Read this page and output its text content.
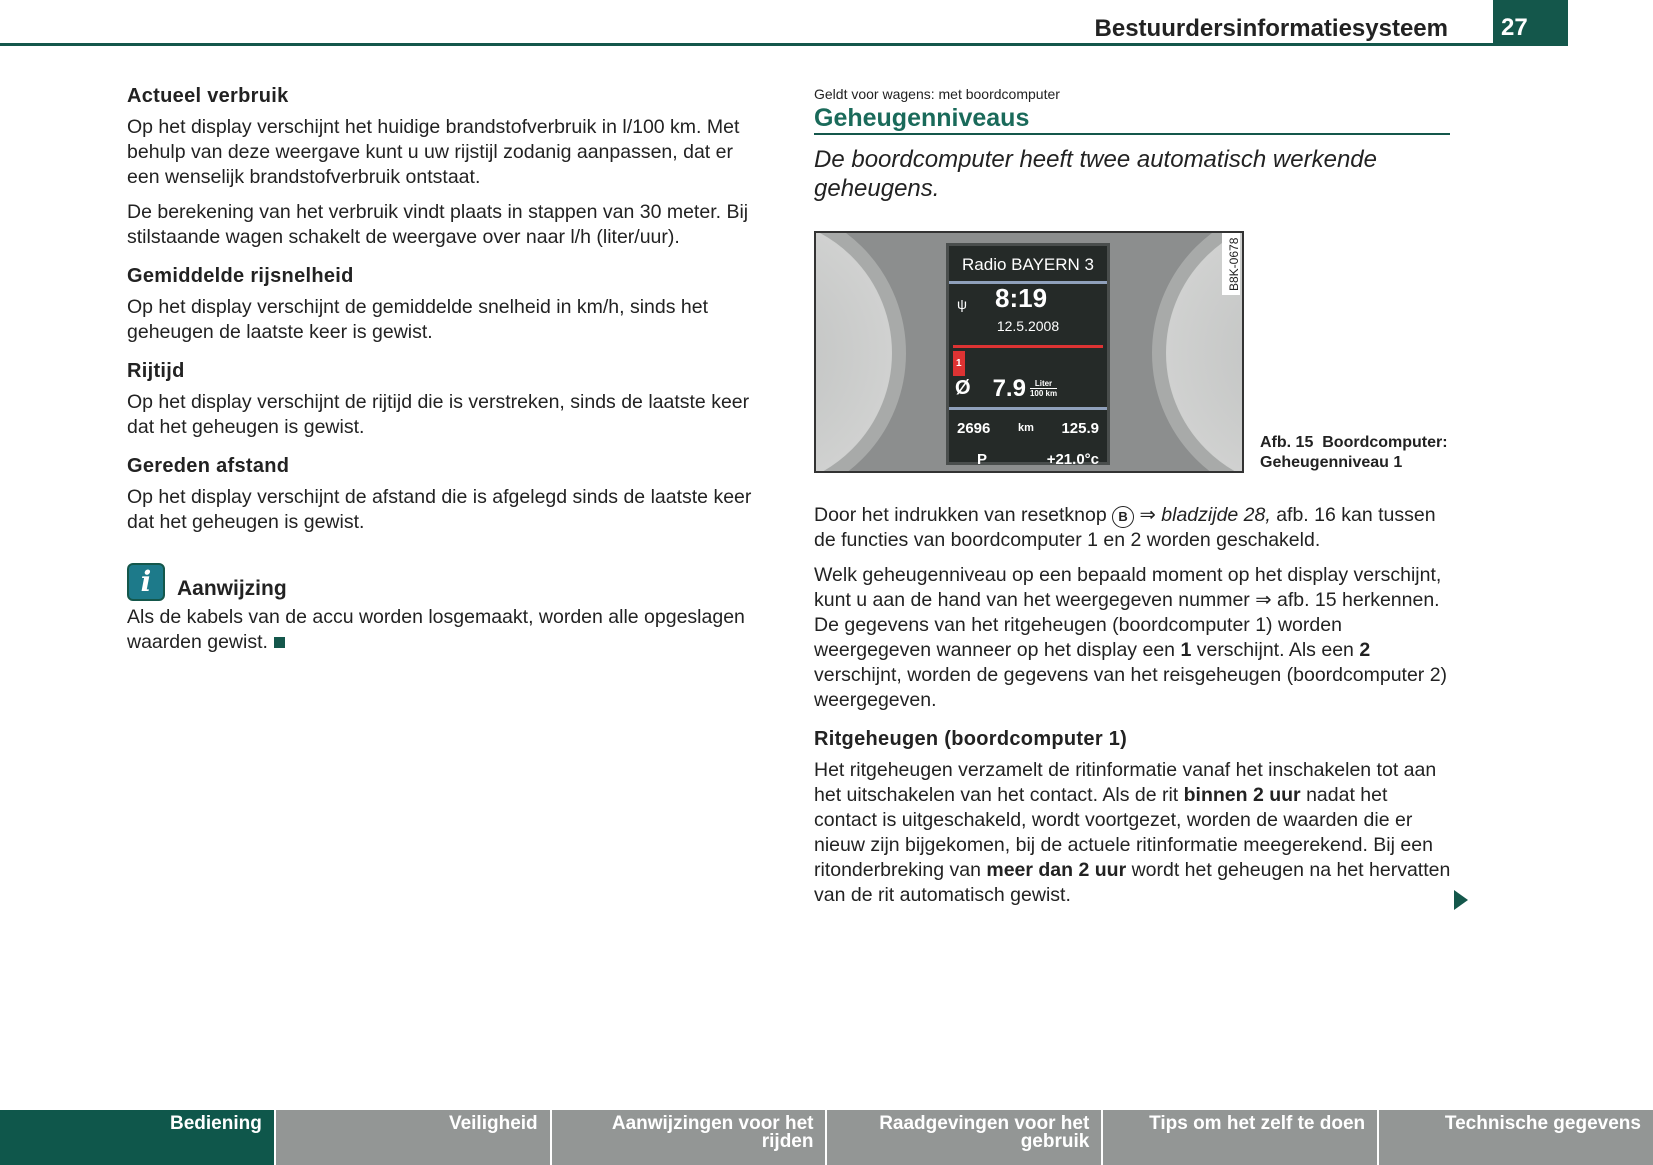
Bestuurdersinformatiesysteem	27
Actueel verbruik

Op het display verschijnt het huidige brandstofverbruik in l/100 km. Met behulp van deze weergave kunt u uw rijstijl zodanig aanpassen, dat er een wenselijk brandstofverbruik ontstaat.

De berekening van het verbruik vindt plaats in stappen van 30 meter. Bij stilstaande wagen schakelt de weergave over naar l/h (liter/uur).

Gemiddelde rijsnelheid

Op het display verschijnt de gemiddelde snelheid in km/h, sinds het geheugen de laatste keer is gewist.

Rijtijd

Op het display verschijnt de rijtijd die is verstreken, sinds de laatste keer dat het geheugen is gewist.

Gereden afstand

Op het display verschijnt de afstand die is afgelegd sinds de laatste keer dat het geheugen is gewist.

i	Aanwijzing

Als de kabels van de accu worden losgemaakt, worden alle opgeslagen waarden gewist.

Geldt voor wagens: met boordcomputer
Geheugenniveaus
De boordcomputer heeft twee automatisch werkende geheugens.
Radio BAYERN 3
ψ 8:19
12.5.2008
1
Ø 7.9	Liter
100 km
2696	km 125.9
P	+21.0°c
B8K-0678
Afb. 15 Boordcomputer: Geheugenniveau 1

Door het indrukken van resetknop B ⇒ bladzijde 28, afb. 16 kan tussen de functies van boordcomputer 1 en 2 worden geschakeld.

Welk geheugenniveau op een bepaald moment op het display verschijnt, kunt u aan de hand van het weergegeven nummer ⇒ afb. 15 herkennen. De gegevens van het ritgeheugen (boordcomputer 1) worden weergegeven wanneer op het display een 1 verschijnt. Als een 2 verschijnt, worden de gegevens van het reisgeheugen (boordcomputer 2) weergegeven.

Ritgeheugen (boordcomputer 1)

Het ritgeheugen verzamelt de ritinformatie vanaf het inschakelen tot aan het uitschakelen van het contact. Als de rit binnen 2 uur nadat het contact is uitgeschakeld, wordt voortgezet, worden de waarden die er nieuw zijn bijgekomen, bij de actuele ritinformatie meegerekend. Bij een ritonderbreking van meer dan 2 uur wordt het geheugen na het hervatten van de rit automatisch gewist.

Bediening	Veiligheid	Aanwijzingen voor het rijden
Raadgevingen voor het gebruik
Tips om het zelf te doen	Technische gegevens
